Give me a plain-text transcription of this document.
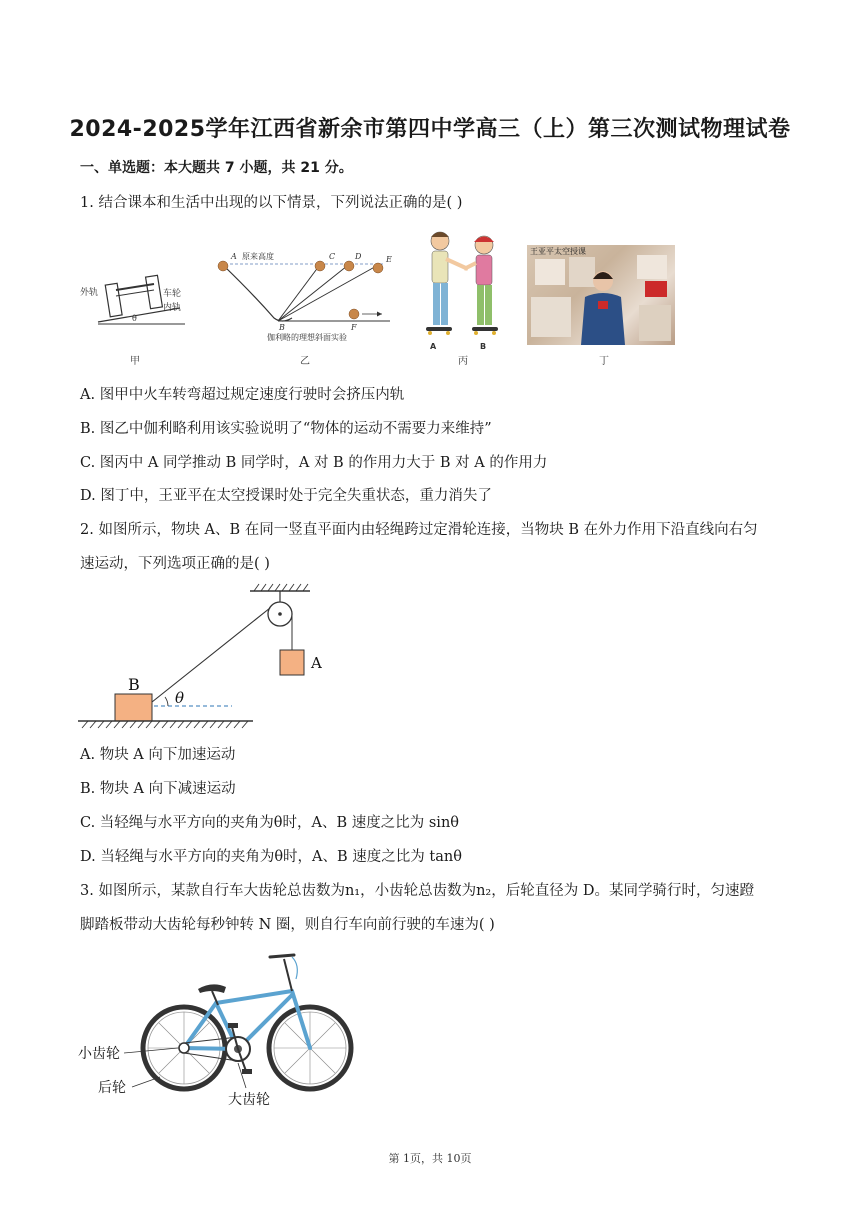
2024-2025学年江西省新余市第四中学高三（上）第三次测试物理试卷
一、单选题：本大题共 7 小题，共 21 分。
1. 结合课本和生活中出现的以下情景，下列说法正确的是( )
θ
外轨	车轮
内轨
甲
A 原来高度	C D	E
B	F
伽利略的理想斜面实验
乙
A	B
丙
王亚平太空授课
丁
A. 图甲中火车转弯超过规定速度行驶时会挤压内轨
B. 图乙中伽利略利用该实验说明了“物体的运动不需要力来维持”
C. 图丙中 A 同学推动 B 同学时，A 对 B 的作用力大于 B 对 A 的作用力
D. 图丁中，王亚平在太空授课时处于完全失重状态，重力消失了
2. 如图所示，物块 A、B 在同一竖直平面内由轻绳跨过定滑轮连接，当物块 B 在外力作用下沿直线向右匀
速运动，下列选项正确的是( )
A
B
θ
A. 物块 A 向下加速运动
B. 物块 A 向下减速运动
C. 当轻绳与水平方向的夹角为θ时，A、B 速度之比为 sinθ
D. 当轻绳与水平方向的夹角为θ时，A、B 速度之比为 tanθ
3. 如图所示，某款自行车大齿轮总齿数为n₁，小齿轮总齿数为n₂，后轮直径为 D。某同学骑行时，匀速蹬
脚踏板带动大齿轮每秒钟转 N 圈，则自行车向前行驶的车速为( )
小齿轮
后轮
大齿轮
第 1页，共 10页
